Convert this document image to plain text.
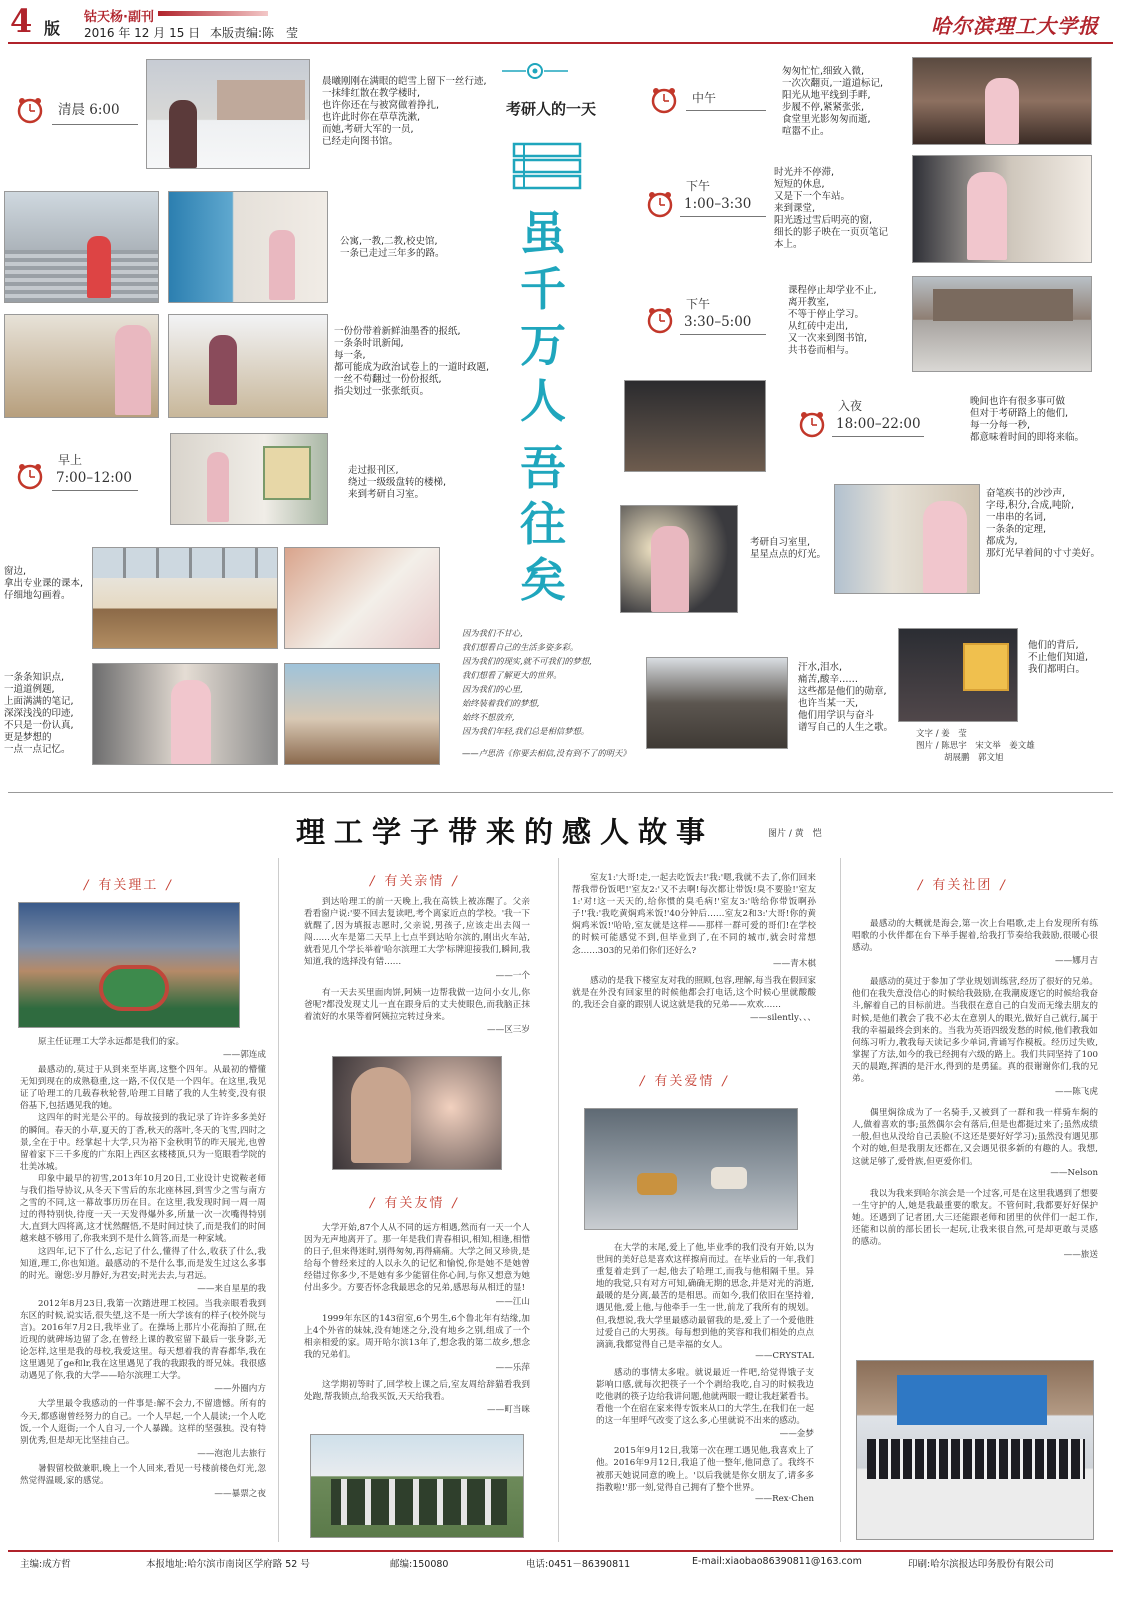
4 版
钴天杨·副刊
2016 年 12 月 15 日 本版责编:陈　莹	哈尔滨理工大学报
清晨 6:00
晨曦刚刚在满眼的皑雪上留下一丝行迹,
一抹绯红散在教学楼时,
也许你还在与被窝做着挣扎,
也许此时你在草草洗漱,
而她,考研大军的一员,
已经走向图书馆。
考研人的一天
虽千万人
吾往矣
公寓,一教,二教,校史馆,
一条已走过三年多的路。
一份份带着新鲜油墨香的报纸,
一条条时讯新闻,
每一条,
都可能成为政治试卷上的一道时政题,
一丝不苟翻过一份份报纸,
指尖划过一张张纸页。
早上
7:00–12:00	走过报刊区,
绕过一级级盘转的楼梯,
来到考研自习室。
窗边,
拿出专业课的课本,
仔细地勾画着。
一条条知识点,
一道道例题,
上面满满的笔记,
深深浅浅的印迹,
不只是一份认真,
更是梦想的
一点一点记忆。
因为我们不甘心,
我们想看自己的生活多姿多彩。
因为我们的现实,就不可我们的梦想,
我们想看了解更大的世界。
因为我们的心里,
始终装着我们的梦想,
始终不想放弃,
因为我们年轻,我们总是相信梦想。
——卢思浩《你要去相信,没有到不了的明天》
中午
匆匆忙忙,细致入微,
一次次翻页,一道道标记,
阳光从地平线到手畔,
步履不停,紧紧张张,
食堂里光影匆匆而逝,
喧嚣不止。
下午
1:00–3:30
时光并不停滞,
短短的休息,
又是下一个车站。
来到课堂,
阳光透过雪后明亮的窗,
细长的影子映在一页页笔记
本上。
下午
3:30–5:00
课程停止却学业不止,
离开教室,
不等于停止学习。
从红砖中走出,
又一次来到图书馆,
共书卷而相与。
入夜
18:00–22:00
晚间也许有很多事可做
但对于考研路上的他们,
每一分每一秒,
都意味着时间的即将来临。
考研自习室里,
星星点点的灯光。
奋笔疾书的沙沙声,
字母,积分,合成,吨阶,
一串串的名词,
一条条的定理,
都成为,
那灯光早着间的寸寸美好。
汗水,泪水,
痛苦,酸辛……
这些都是他们的勋章,
也许当某一天,
他们用学识与奋斗
谱写自己的人生之歌。
他们的背后,
不止他们知道,
我们都明白。
文字 / 姜　莹
图片 / 陈思宇　宋文举　姜文雄
胡展鹏　郭文旭
理工学子带来的感人故事	图片 / 黄　恺
/ 有关理工 /

原主任证理工大学永远都是我们的家。

——郭连成

最感动的,莫过于从到来至毕离,这整个四年。从最初的懵懂无知到现在的成熟稳重,这一路,不仅仅是一个四年。在这里,我见证了哈理工的几载春秋轮替,哈理工目睹了我的人生转变,没有很俗基下,包括遇见我的她。

这四年的时光是公平的。每故接到的我记录了许许多多美好的瞬间。春天的小草,夏天的丁香,秋天的落叶,冬天的飞雪,四时之景,全在于中。经掌起十大学,只为裕下金秋明节的昨天展光,也曾留着家下三千多度的广东阳上西区玄楼楼顶,只为一览眼看学院的壮美冰城。

印象中最早的初雪,2013年10月20日,工业设计史谠鞍老师与我们指导协议,从冬天下雪后的东北座林园,到雪少之雪与南方之雪的不同,这一幕故事历历在目。在这里,我发现时间一周一周过的得特别快,待度一天一天发得爆外多,所量一次一次嘴得特别大,直到大四将离,这才忧然醒悟,不是时间过快了,而是我们的时间越来越不够用了,你我来到不是什么简答,而是一种家域。

这四年,记下了什么,忘记了什么,懂得了什么,收获了什么,我知道,理工,你也知道。最感动的不是什么事,而是发生过这么多事的时光。谢您:岁月静好,为君安;时光去去,与君远。

——来自星星的我

2012年8月23日,我第一次踏进理工校园。当我亲眼看我到东区的时候,说实话,很失望,这不是一所大学该有的样子(校外院与言)。2016年7月2日,我毕业了。在操场上那片小花海拍了照,在近现的就碑场边留了念,在曾经上课的教室留下最后一张身影,无论怎样,这里是我的母校,我爱这里。每天想着我的青春都华,我在这里遇见了ge和lr,我在这里遇见了我的我跟我的哥兄妹。我很感动遇见了你,我的大学——哈尔滨理工大学。

——外圈内方

大学里最令我感动的一件事是:解不会力,不留遗憾。所有的今天,都感谢曾经努力的自己。一个人早起,一个人晨读;一个人吃饭,一个人逛街;一个人自习,一个人暴躁。这样的坚强独。没有特别优秀,但是却无比坚挂自己。

——泡泡儿去旅行

暑假留校做兼职,晚上一个人回来,看见一号楼前楼色灯光,忽然觉得温暖,家的感觉。

——暴票之夜
/ 有关亲情 /

到达哈理工的前一天晚上,我在高铁上被冻醒了。父亲看看窗户说:'要不回去复读吧,考个离家近点的学校。'我一下就醒了,因为填报志愿时,父亲说,男孩子,应该走出去闯一闯……火车是第二天早上七点半到达哈尔滨的,刚出火车站,就看见几个学长举着'哈尔滨理工大学'标牌迎接我们,瞬间,我知道,我的选择没有错……

——一个

有一天去买里面肉饼,阿姨一边帮我做一边问小女儿,你爸呢?都没发现丈儿一直在跟身后的丈夫使眼色,而我脑正抹着流好的水果等着阿姨拉完转过身来。

——区三岁
/ 有关友情 /

大学开始,87个人从不同的远方相遇,然而有一天一个人因为无声地离开了。那一年是我们青春相识,相知,相逢,相惜的日子,但来得迷时,别得匆匆,再得痛痛。大学之间又珍贵,是给每个曾经来过的人以永久的记忆和愉悦,你是她不是她曾经错过你多少,不是她有多少能留住你心间,与你又想意为她付出多少。方要否怀念我最思念的兄弟,感思每从相迁的显!

——江山

1999年东区的143宿室,6个男生,6个鲁北年有结缘,加上4个外省的妹妹,没有她迷之分,没有地乡之别,组成了一个相亲相爱的家。周开哈尔滨13年了,想念我的第二故乡,想念我的兄弟们。

——乐萍

这学期初等时了,回学校上课之后,室友周给辞猫看我到处跑,帮我锁点,给我买饭,天天给我看。

——町当咪

室友1:'大哥!走,一起去吃饭去!'我:'嗯,我就不去了,你们回来帮我带份饭吧!'室友2:'又不去啊!每次都让带饭!臭不要脸!'室友1:'对!这一天天的,给你惯的臭毛病!'室友3:'啥给你带饭啊孙子!'我:'我吃黄焖鸡米饭!'40分钟后……室友2和3:'大哥!你的黄焖鸡米饭!'哈哈,室友就是这样——那样一群可爱的哥们!在学校的时候可能感觉不到,但毕业到了,在不同的城市,就会时常想念……303的兄弟们你们还好么?

——青木棋

感动的是我下楼室友对我的照顾,包容,理解,每当我在假回家就是在外没有回家里的时候他都会打电话,这个时候心里就酸酸的,我还会自豪的跟别人说这就是我的兄弟——欢欢……

——silently、、、
/ 有关爱情 /

在大学的末尾,爱上了他,毕业季的我们没有开始,以为世间的美好总是喜欢这样擦肩而过。在毕业后的一年,我们重复着走到了一起,他去了哈理工,而我与他相隔千里。异地的我觉,只有对方可知,确确无期的思念,并是对光的消逝,最暖的是分离,最苦的是相思。而如今,我们依旧在坚持着,遇见他,爱上他,与他牵手一生一世,前龙了我所有的规划。但,我想说,我大学里最感动最留我的是,爱上了一个爱他胜过爱自己的大男孩。每每想到他的笑容和我们相处的点点滴滴,我都觉得自己是幸福的女人。

——CRYSTAL

感动的事情太多啦。就说最近一件吧,给觉得饿子支影响口感,就每次把筷子一个个剥给我吃,自习的时候我边吃他剥的筷子边给我讲问题,他就两眼一瞪让我赶紧看书。看他一个在宿在家来得专饭来从口的大学生,在我们在一起的这一年里呼气改变了这么多,心里就说不出来的感动。

——金梦

2015年9月12日,我第一次在理工遇见他,我喜欢上了他。2016年9月12日,我追了他一整年,他同意了。我终不被那天她说同意的晚上。'以后我就是你女朋友了,请多多指教啦!'那一刻,觉得自己拥有了整个世界。

——Rex·Chen
/ 有关社团 /

最感动的大概就是海会,第一次上台唱歌,走上台发现所有练唱歌的小伙伴都在台下举手握着,给我打节奏给我鼓励,很暖心很感动。

——娜月吉

最感动的莫过于参加了学业规划训练营,经历了很好的兄弟。他们在我失意没信心的时候给我鼓励,在我潮废逐它的时候给我奋斗,解着自己的目标前进。当我很在意自己的白发而无缘去朋友的时候,是他们教会了我不必太在意别人的眼光,做好自己就行,属于我的幸福最终会到来的。当我为英语四级发愁的时候,他们教我如何练习听力,教我每天读记多少单词,背诵写作模板。经历过失败,掌握了方法,如今的我已经拥有六级的路上。我们共同坚持了100天的晨跑,挥洒的是汗水,得到的是勇猛。真的很谢谢你们,我的兄弟。

——陈飞虎

偶里焖徐成为了一名骑手,又被到了一群和我一样骑车焖的人,做着喜欢的事;虽然偶尔会有落后,但是也都挺过来了;虽然成绩一般,但也从没给自己丢脸(不这还是要好好学习);虽然没有遇见那个对的她,但是我朋友还都在,又会遇见很多新的有趣的人。我想,这就足够了,爱骨族,但更爱你们。

——Nelson

我以为我来到哈尔滨会是一个过客,可是在这里我遇到了想要一生守护的人,她是我最重要的歌友。不管何时,我都要好好保护她。还遇到了记者团,大三还能跟老师和团里的伙伴们一起工作,还能和以前的部长团长一起玩,让我来很自然,可是却更敢与灵感的感动。

——旅送
主编:成方哲	本报地址:哈尔滨市南岗区学府路 52 号	邮编:150080	电话:0451－86390811	E-mail:xiaobao86390811@163.com	印刷:哈尔滨报达印务股份有限公司
